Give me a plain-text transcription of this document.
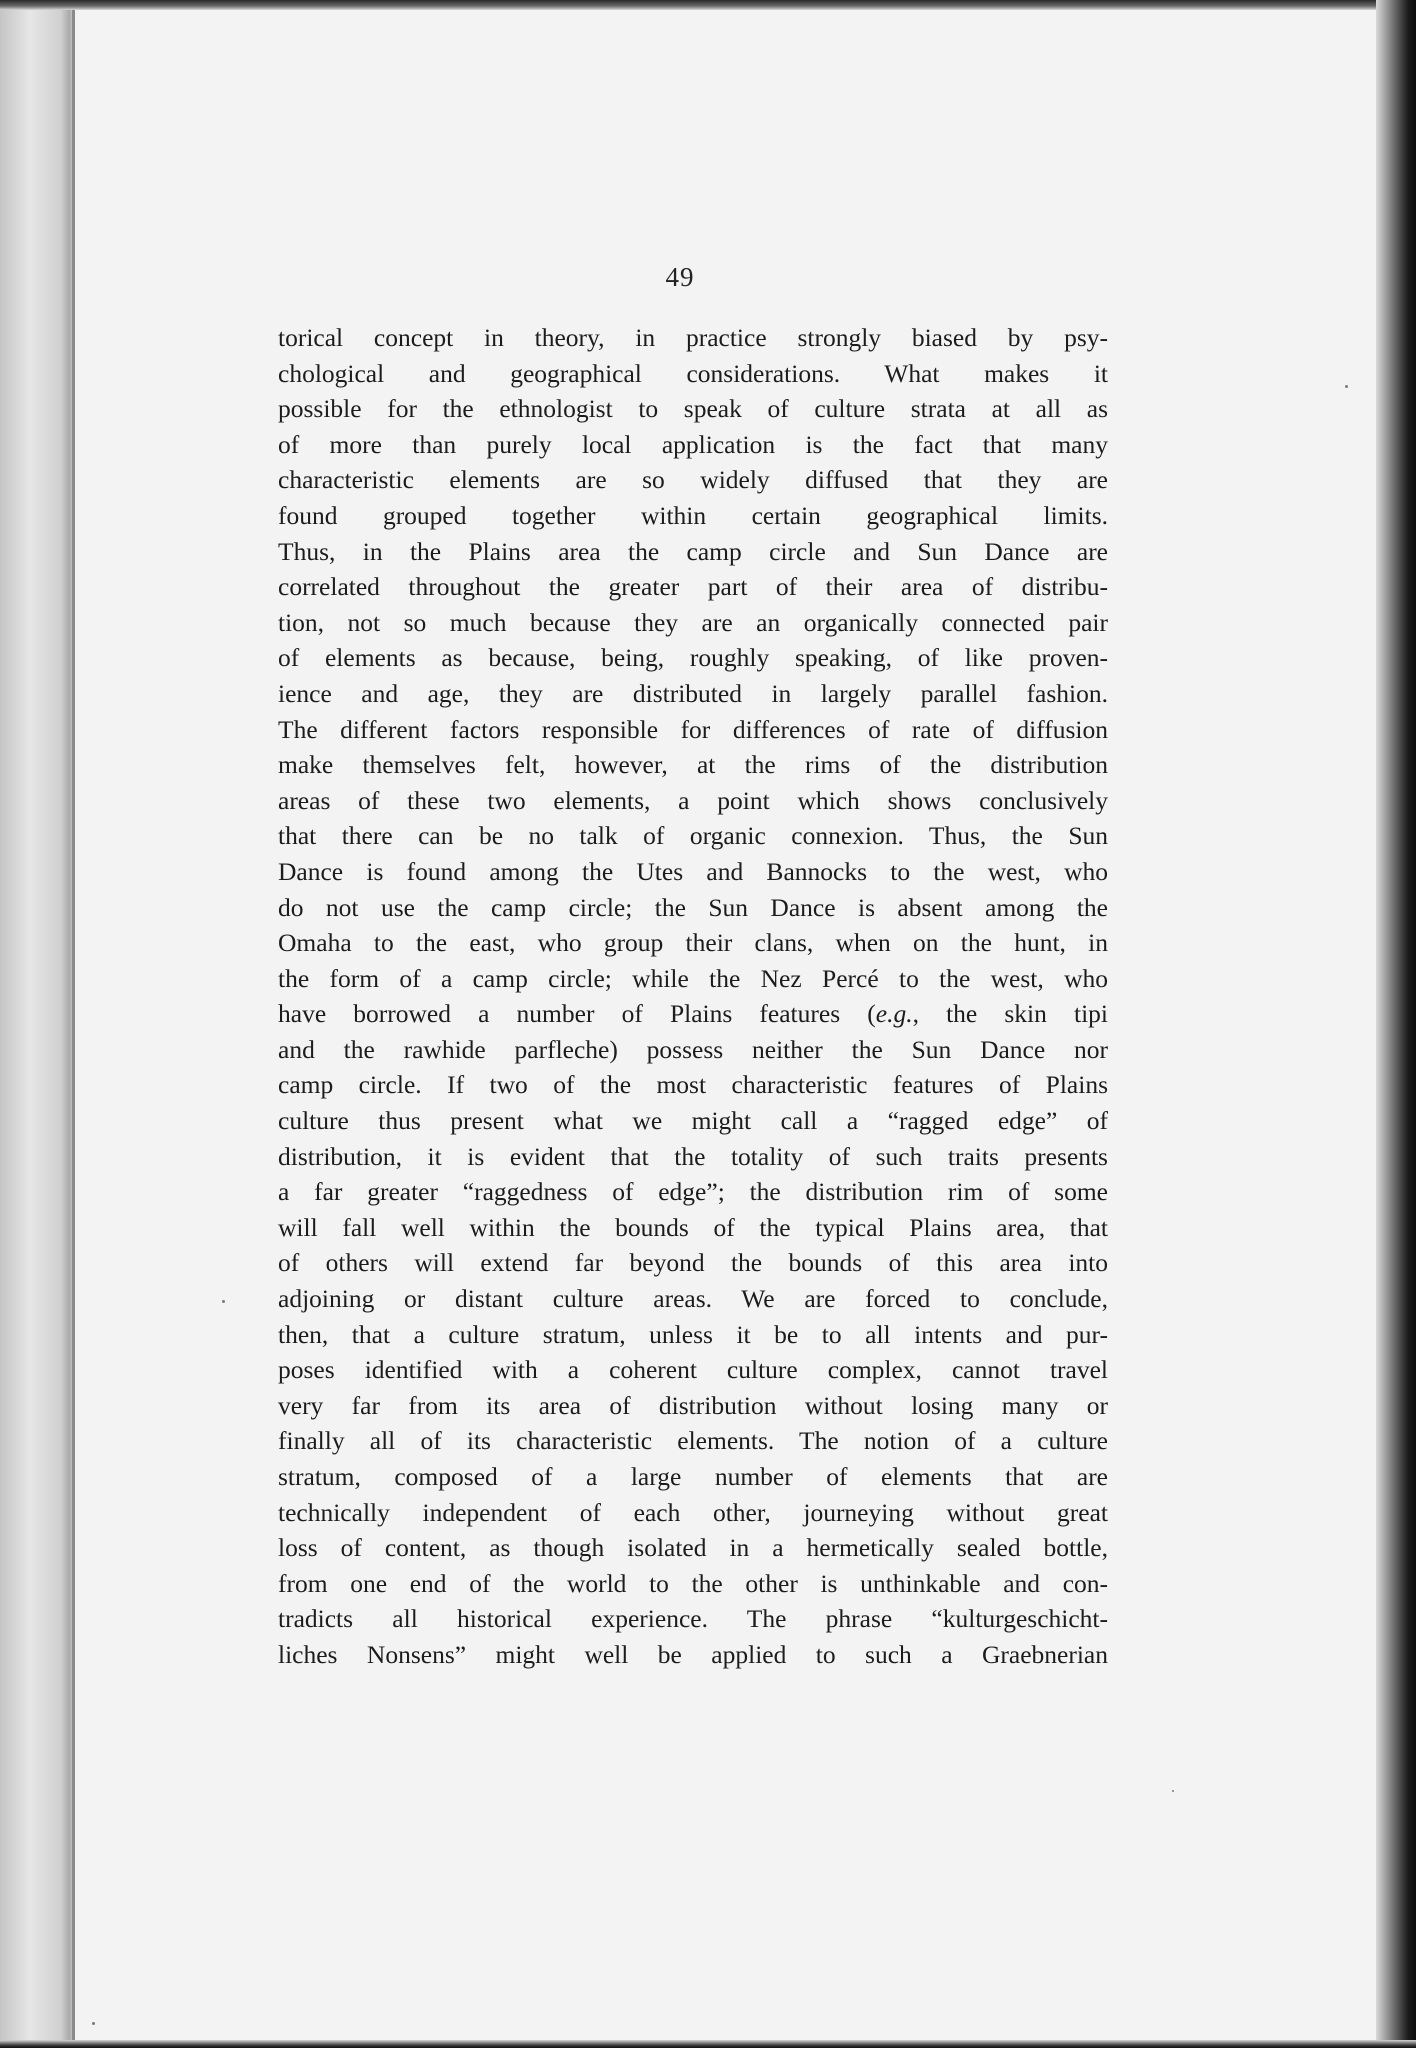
49
torical concept in theory, in practice strongly biased by psy-
chological and geographical considerations. What makes it
possible for the ethnologist to speak of culture strata at all as
of more than purely local application is the fact that many
characteristic elements are so widely diffused that they are
found grouped together within certain geographical limits.
Thus, in the Plains area the camp circle and Sun Dance are
correlated throughout the greater part of their area of distribu-
tion, not so much because they are an organically connected pair
of elements as because, being, roughly speaking, of like proven-
ience and age, they are distributed in largely parallel fashion.
The different factors responsible for differences of rate of diffusion
make themselves felt, however, at the rims of the distribution
areas of these two elements, a point which shows conclusively
that there can be no talk of organic connexion. Thus, the Sun
Dance is found among the Utes and Bannocks to the west, who
do not use the camp circle; the Sun Dance is absent among the
Omaha to the east, who group their clans, when on the hunt, in
the form of a camp circle; while the Nez Percé to the west, who
have borrowed a number of Plains features (e.g., the skin tipi
and the rawhide parfleche) possess neither the Sun Dance nor
camp circle. If two of the most characteristic features of Plains
culture thus present what we might call a “ragged edge” of
distribution, it is evident that the totality of such traits presents
a far greater “raggedness of edge”; the distribution rim of some
will fall well within the bounds of the typical Plains area, that
of others will extend far beyond the bounds of this area into
adjoining or distant culture areas. We are forced to conclude,
then, that a culture stratum, unless it be to all intents and pur-
poses identified with a coherent culture complex, cannot travel
very far from its area of distribution without losing many or
finally all of its characteristic elements. The notion of a culture
stratum, composed of a large number of elements that are
technically independent of each other, journeying without great
loss of content, as though isolated in a hermetically sealed bottle,
from one end of the world to the other is unthinkable and con-
tradicts all historical experience. The phrase “kulturgeschicht-
liches Nonsens” might well be applied to such a Graebnerian
